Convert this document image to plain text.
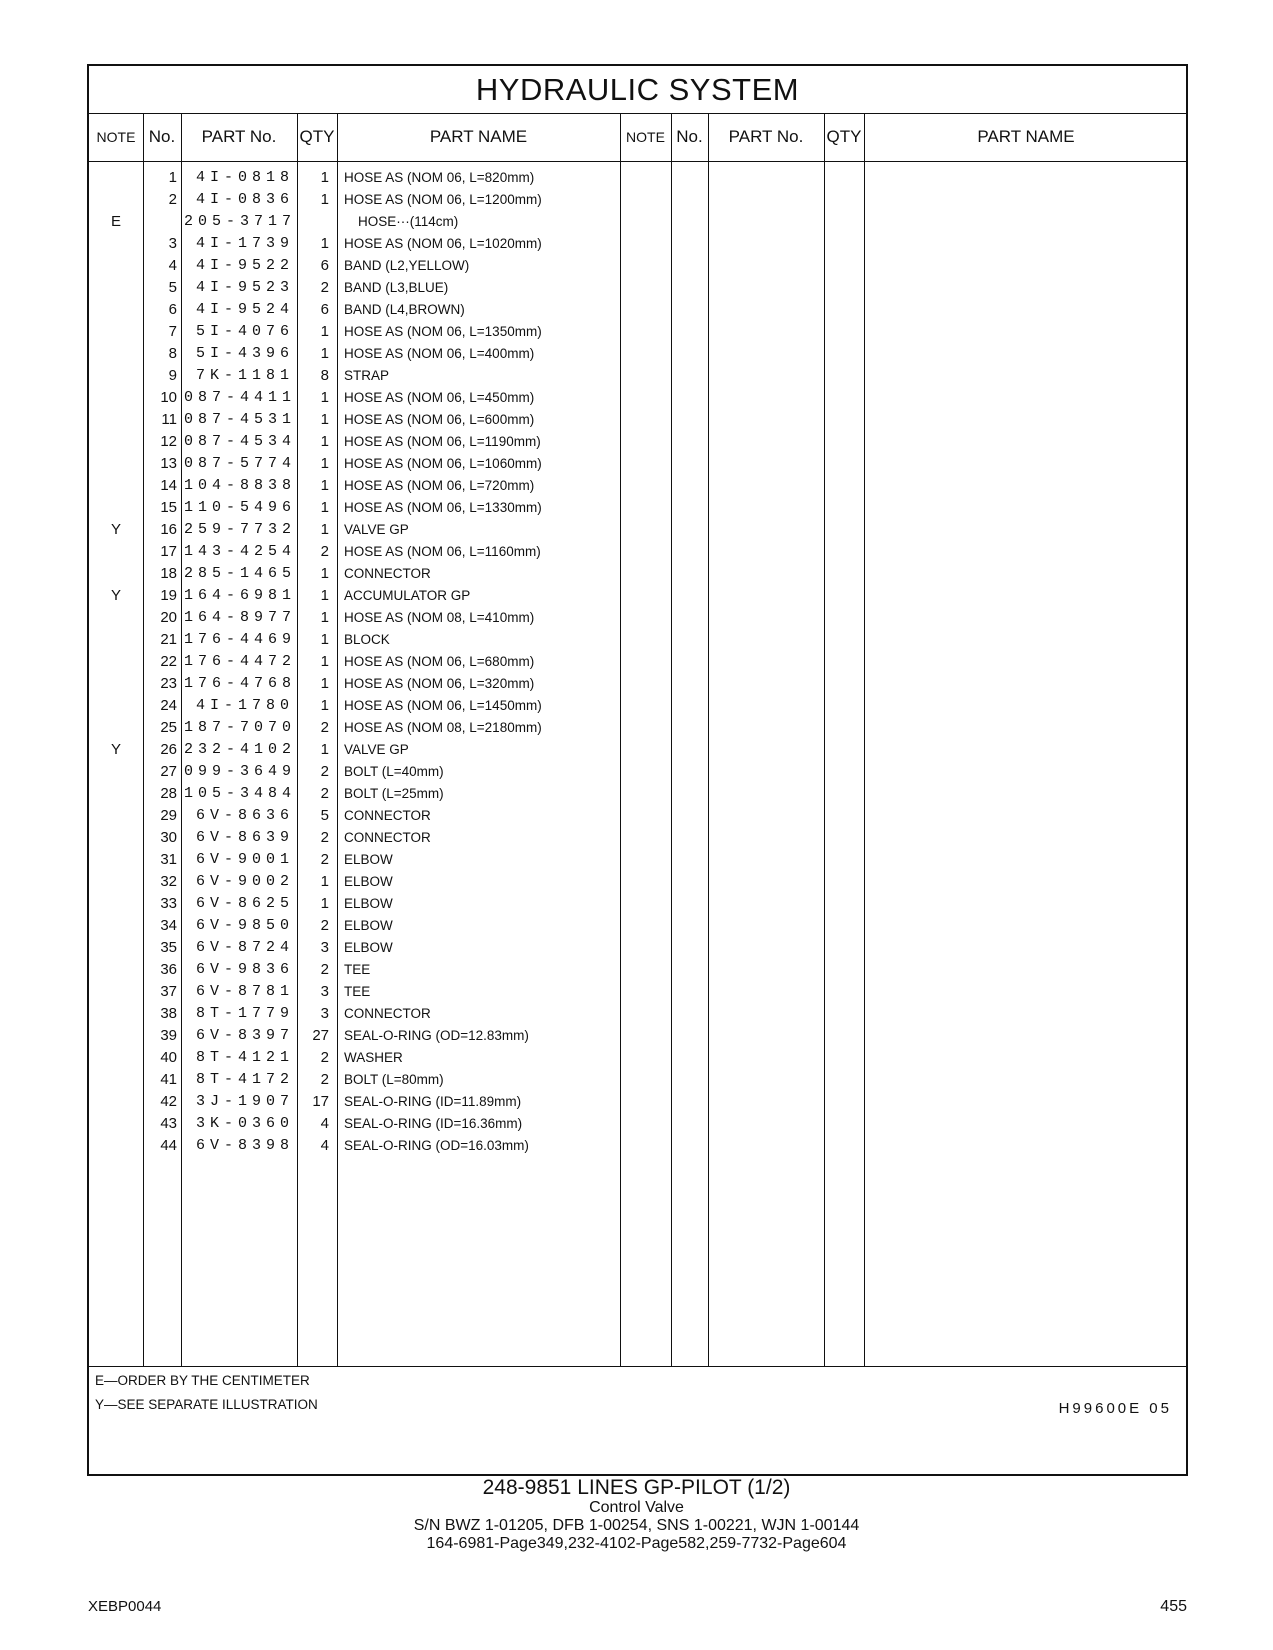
HYDRAULIC SYSTEM
NOTE No.	PART No.	QTY	PART NAME	NOTE No.	PART No.	QTY	PART NAME
1	4I-0818	1 HOSE AS (NOM 06, L=820mm)
2	4I-0836	1 HOSE AS (NOM 06, L=1200mm)
E	205-3717	HOSE···(114cm)
3	4I-1739	1 HOSE AS (NOM 06, L=1020mm)
4	4I-9522	6 BAND (L2,YELLOW)
5	4I-9523	2 BAND (L3,BLUE)
6	4I-9524	6 BAND (L4,BROWN)
7	5I-4076	1 HOSE AS (NOM 06, L=1350mm)
8	5I-4396	1 HOSE AS (NOM 06, L=400mm)
9	7K-1181	8 STRAP
10 087-4411	1 HOSE AS (NOM 06, L=450mm)
11 087-4531	1 HOSE AS (NOM 06, L=600mm)
12 087-4534	1 HOSE AS (NOM 06, L=1190mm)
13 087-5774	1 HOSE AS (NOM 06, L=1060mm)
14 104-8838	1 HOSE AS (NOM 06, L=720mm)
15 110-5496	1 HOSE AS (NOM 06, L=1330mm)
Y	16 259-7732	1 VALVE GP
17 143-4254	2 HOSE AS (NOM 06, L=1160mm)
18 285-1465	1 CONNECTOR
Y	19 164-6981	1 ACCUMULATOR GP
20 164-8977	1 HOSE AS (NOM 08, L=410mm)
21 176-4469	1 BLOCK
22 176-4472	1 HOSE AS (NOM 06, L=680mm)
23 176-4768	1 HOSE AS (NOM 06, L=320mm)
24	4I-1780	1 HOSE AS (NOM 06, L=1450mm)
25 187-7070	2 HOSE AS (NOM 08, L=2180mm)
Y	26 232-4102	1 VALVE GP
27 099-3649	2 BOLT (L=40mm)
28 105-3484	2 BOLT (L=25mm)
29	6V-8636	5 CONNECTOR
30	6V-8639	2 CONNECTOR
31	6V-9001	2 ELBOW
32	6V-9002	1 ELBOW
33	6V-8625	1 ELBOW
34	6V-9850	2 ELBOW
35	6V-8724	3 ELBOW
36	6V-9836	2 TEE
37	6V-8781	3 TEE
38	8T-1779	3 CONNECTOR
39	6V-8397	27 SEAL-O-RING (OD=12.83mm)
40	8T-4121	2 WASHER
41	8T-4172	2 BOLT (L=80mm)
42	3J-1907	17 SEAL-O-RING (ID=11.89mm)
43	3K-0360	4 SEAL-O-RING (ID=16.36mm)
44	6V-8398	4 SEAL-O-RING (OD=16.03mm)
E—ORDER BY THE CENTIMETER
Y—SEE SEPARATE ILLUSTRATION	H99600E 05
248-9851 LINES GP-PILOT (1/2)
Control Valve
S/N BWZ 1-01205, DFB 1-00254, SNS 1-00221, WJN 1-00144
164-6981-Page349,232-4102-Page582,259-7732-Page604
XEBP0044	455
